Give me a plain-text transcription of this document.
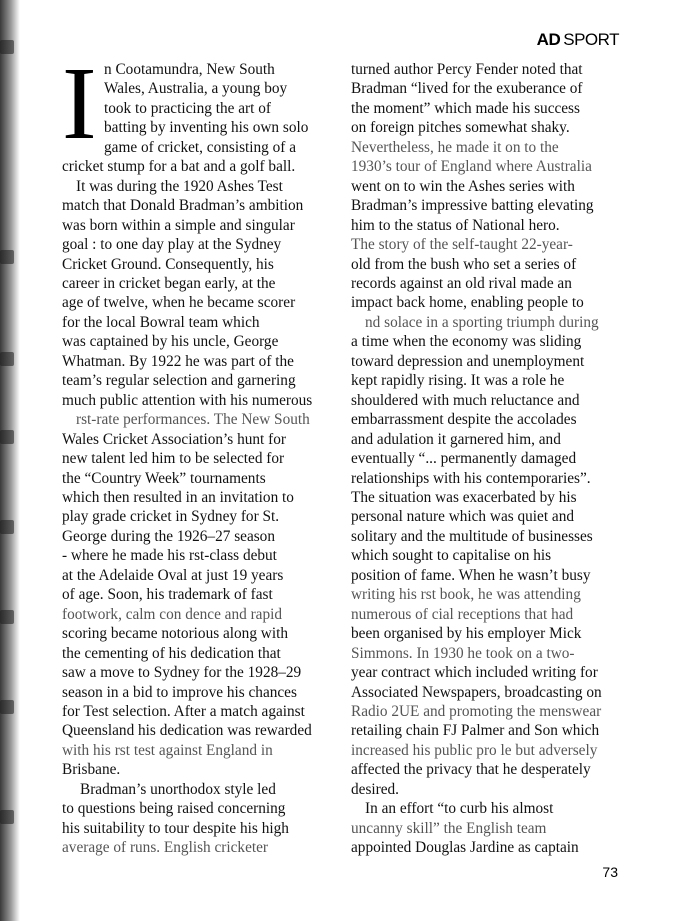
AD SPORT
I n Cootamundra, New South
Wales, Australia, a young boy
took to practicing the art of
batting by inventing his own solo
game of cricket, consisting of a
cricket stump for a bat and a golf ball.
It was during the 1920 Ashes Test
match that Donald Bradman’s ambition
was born within a simple and singular
goal : to one day play at the Sydney
Cricket Ground. Consequently, his
career in cricket began early, at the
age of twelve, when he became scorer
for the local Bowral team which
was captained by his uncle, George
Whatman. By 1922 he was part of the
team’s regular selection and garnering
much public attention with his numerous
rst-rate performances. The New South
Wales Cricket Association’s hunt for
new talent led him to be selected for
the “Country Week” tournaments
which then resulted in an invitation to
play grade cricket in Sydney for St.
George during the 1926–27 season
- where he made his rst-class debut
at the Adelaide Oval at just 19 years
of age. Soon, his trademark of fast
footwork, calm con dence and rapid
scoring became notorious along with
the cementing of his dedication that
saw a move to Sydney for the 1928–29
season in a bid to improve his chances
for Test selection. After a match against
Queensland his dedication was rewarded
with his rst test against England in
Brisbane.
Bradman’s unorthodox style led
to questions being raised concerning
his suitability to tour despite his high
average of runs. English cricketer
turned author Percy Fender noted that
Bradman “lived for the exuberance of
the moment” which made his success
on foreign pitches somewhat shaky.
Nevertheless, he made it on to the
1930’s tour of England where Australia
went on to win the Ashes series with
Bradman’s impressive batting elevating
him to the status of National hero.
The story of the self-taught 22-year-
old from the bush who set a series of
records against an old rival made an
impact back home, enabling people to
nd solace in a sporting triumph during
a time when the economy was sliding
toward depression and unemployment
kept rapidly rising. It was a role he
shouldered with much reluctance and
embarrassment despite the accolades
and adulation it garnered him, and
eventually “... permanently damaged
relationships with his contemporaries”.
The situation was exacerbated by his
personal nature which was quiet and
solitary and the multitude of businesses
which sought to capitalise on his
position of fame. When he wasn’t busy
writing his rst book, he was attending
numerous of cial receptions that had
been organised by his employer Mick
Simmons. In 1930 he took on a two-
year contract which included writing for
Associated Newspapers, broadcasting on
Radio 2UE and promoting the menswear
retailing chain FJ Palmer and Son which
increased his public pro le but adversely
affected the privacy that he desperately
desired.
In an effort “to curb his almost
uncanny skill” the English team
appointed Douglas Jardine as captain
73
